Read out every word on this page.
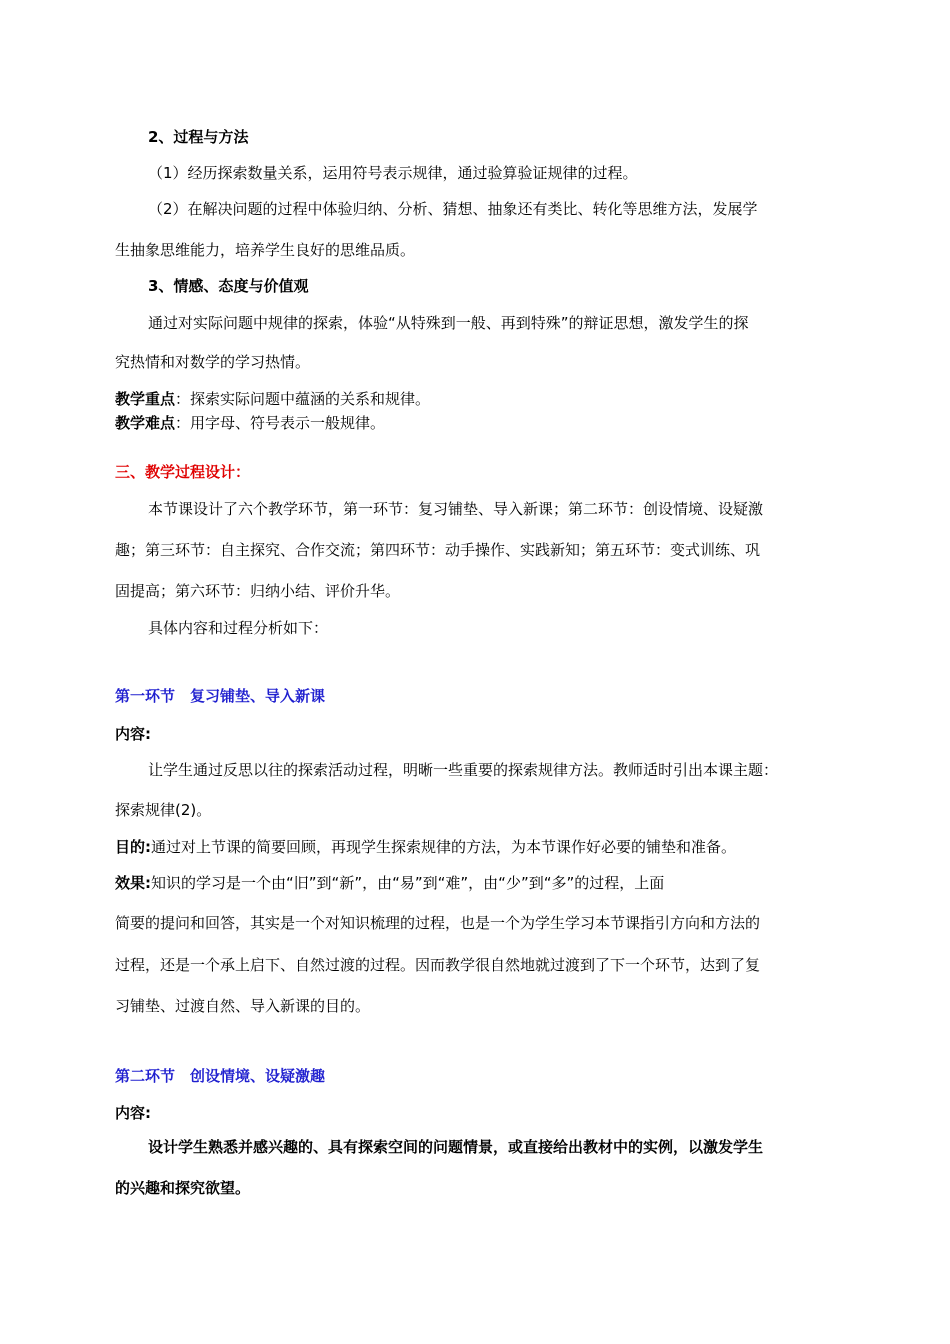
2、过程与方法
（1）经历探索数量关系，运用符号表示规律，通过验算验证规律的过程。
（2）在解决问题的过程中体验归纳、分析、猜想、抽象还有类比、转化等思维方法，发展学
生抽象思维能力，培养学生良好的思维品质。
3、情感、态度与价值观
通过对实际问题中规律的探索，体验“从特殊到一般、再到特殊”的辩证思想，激发学生的探
究热情和对数学的学习热情。
教学重点：探索实际问题中蕴涵的关系和规律。
教学难点：用字母、符号表示一般规律。
三、教学过程设计：
本节课设计了六个教学环节，第一环节：复习铺垫、导入新课；第二环节：创设情境、设疑激
趣；第三环节：自主探究、合作交流；第四环节：动手操作、实践新知；第五环节：变式训练、巩
固提高；第六环节：归纳小结、评价升华。
具体内容和过程分析如下：
第一环节　复习铺垫、导入新课
内容:
让学生通过反思以往的探索活动过程，明晰一些重要的探索规律方法。教师适时引出本课主题：
探索规律(2)。
目的:通过对上节课的简要回顾，再现学生探索规律的方法，为本节课作好必要的铺垫和准备。
效果:知识的学习是一个由“旧”到“新”，由“易”到“难”，由“少”到“多”的过程，上面
简要的提问和回答，其实是一个对知识梳理的过程，也是一个为学生学习本节课指引方向和方法的
过程，还是一个承上启下、自然过渡的过程。因而教学很自然地就过渡到了下一个环节，达到了复
习铺垫、过渡自然、导入新课的目的。
第二环节　创设情境、设疑激趣
内容:
设计学生熟悉并感兴趣的、具有探索空间的问题情景，或直接给出教材中的实例，以激发学生
的兴趣和探究欲望。
